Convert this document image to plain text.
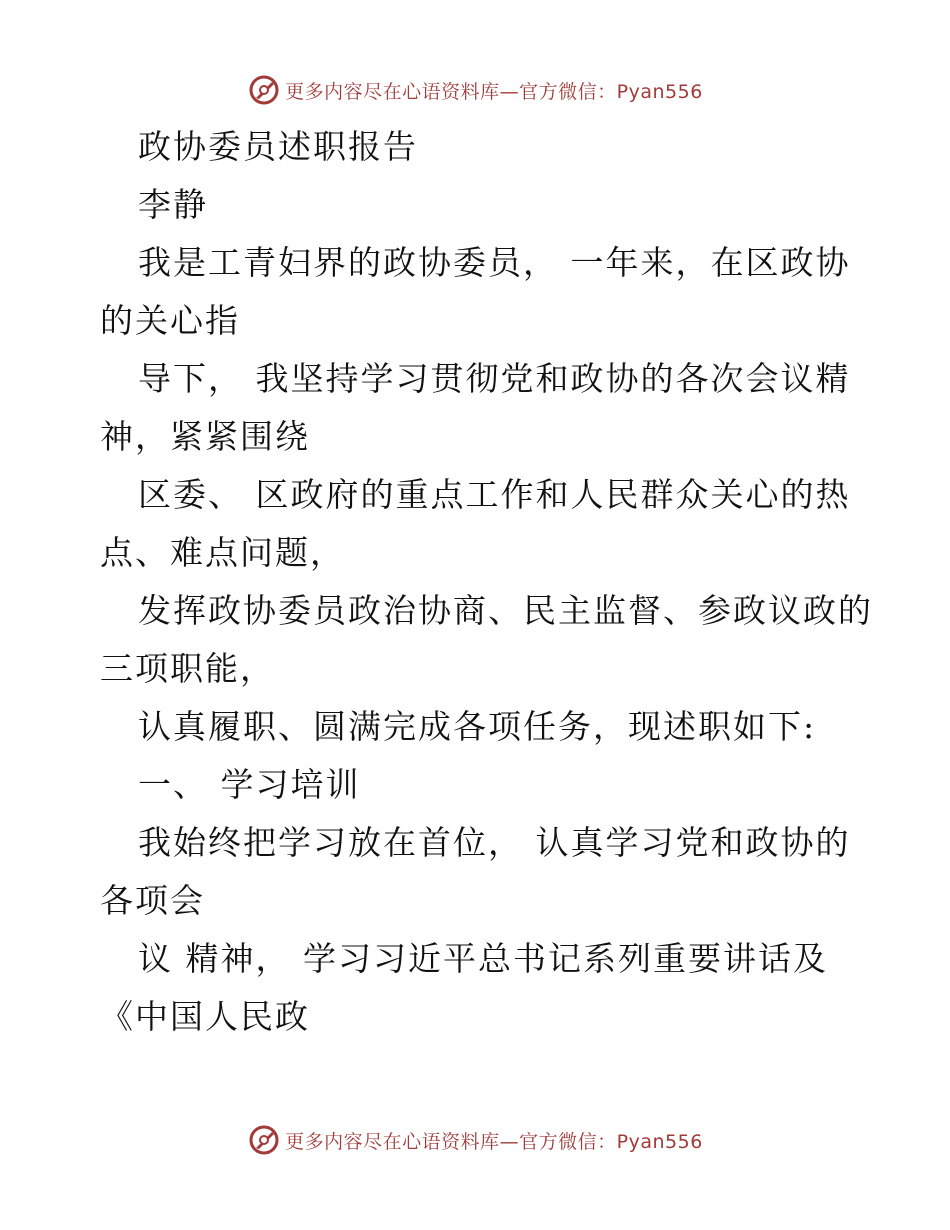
更多内容尽在心语资料库—官方微信：Pyan556
政协委员述职报告
李静
我是工青妇界的政协委员， 一年来，在区政协
的关心指
导下， 我坚持学习贯彻党和政协的各次会议精
神，紧紧围绕
区委、 区政府的重点工作和人民群众关心的热
点、难点问题，
发挥政协委员政治协商、民主监督、参政议政的
三项职能，
认真履职、圆满完成各项任务，现述职如下:
一、 学习培训
我始终把学习放在首位， 认真学习党和政协的
各项会
议 精神， 学习习近平总书记系列重要讲话及
《中国人民政
更多内容尽在心语资料库—官方微信：Pyan556
